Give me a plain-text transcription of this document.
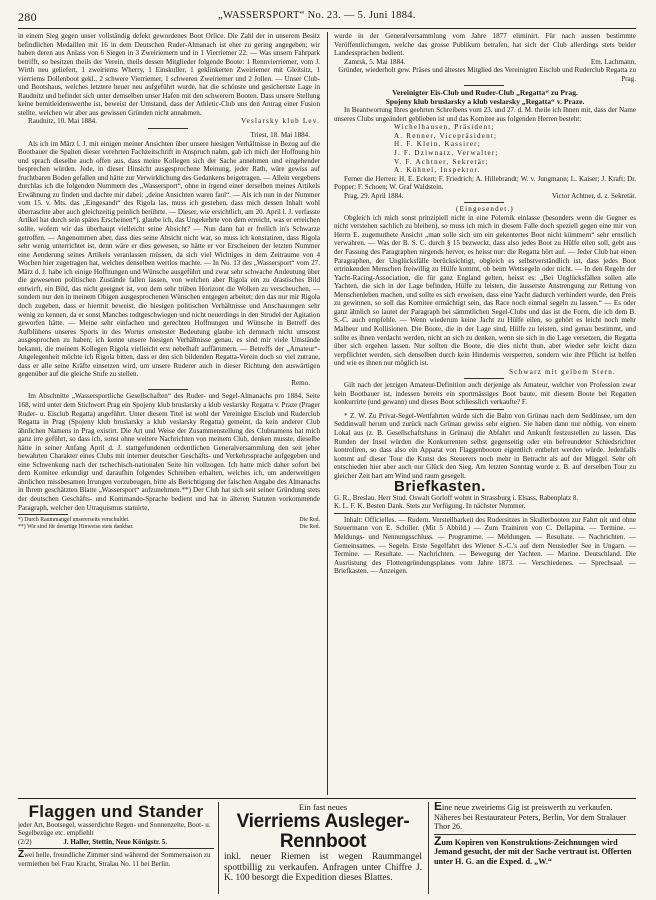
280	„WASSERSPORT“ No. 23. — 5. Juni 1884.

in einem Sieg gegen unser vollständig defekt gewordenes Boot Orlice. Die Zahl der in unserem Besitz befindlichen Medaillen mit 16 in dem Deutschen Ruder-Almanach ist eher zu gering angegeben; wir haben deren aus Anlass von 6 Siegen in 3 Zweiriemern und in 1 Vierriemer 22. — Was unsern Fahrpark betrifft, so besitzen theils der Verein, theils dessen Mitglieder folgende Boote: 1 Rennvierriemer, vom J. Wirth neu geliefert, 1 zweiriems Wherry, 1 Einskuller, 1 geklinkerten Zweiriemer mit Gleitsitz, 1 vierriems Dollenboot gekl., 2 schwere Vierriemer, 1 schweren Zweiriemer und 2 Jollen. — Unser Club- und Bootshaus, welches letztere heuer neu aufgeführt wurde, hat die schönste und gesichertste Lage in Raudnitz und befindet sich unter demselben unser Hafen mit den schwerern Booten. Dass unsere Stellung keine bemitleidenswerthe ist, beweist der Umstand, dass der Athletic-Club uns den Antrag einer Fusion stellte, welchen wir aber aus gewissen Gründen nicht annahmen.

Raudnitz, 10. Mai 1884.	Veslarsky klub Lev.
Triest, 18. Mai 1884.

Als ich im März l. J. mit einigen meiner Ansichten über unsere hiesigen Verhältnisse in Bezug auf die Bootbauer die Spalten dieser verehrten Fachzeitschrift in Anspruch nahm, gab ich mich der Hoffnung hin und sprach dieselbe auch offen aus, dass meine Kollegen sich der Sache annehmen und eingehender besprechen würden. Jede, in dieser Hinsicht ausgesprochene Meinung, jeder Rath, wäre gewiss auf fruchtbaren Boden gefallen und hätte zur Verwirklichung des Gedankens beigetragen. — Allein vergebens durchlas ich die folgenden Nummern des „Wassersport“, ohne in irgend einer derselben meines Artikels Erwähnung zu finden und dachte mir dabei: „deine Ansichten waren faul“. — Als ich nun in der Nummer vom 15. v. Mts. das „Eingesandt“ des Rigola las, muss ich gestehen, dass mich dessen Inhalt wohl überraschte aber auch gleichzeitig peinlich berührte. — Dieser, wie ersichtlich, am 20. April l. J. verfasste Artikel hat durch sein spätes Erscheinen*), glaube ich, das Ungekehrte von dem erreicht, was er erreichen sollte, wofern wir das überhaupt vielleicht seine Absicht? — Nun dann hat er freilich in's Schwarze getroffen. — Angenommen aber, dass dies seine Absicht nicht war, so muss ich konstatiren, dass Rigola sehr wenig unterrichtet ist, denn wäre er dies gewesen, so hätte er vor Erscheinen der letzten Nummer eine Aenderung seines Artikels veranlassen müssen, da sich viel Wichtiges in dem Zeitraume von 4 Wochen hier zugetragen hat, welches denselben wertlos machte. — In No. 13 des „Wassersport“ vom 27. März d. J. habe ich einige Hoffnungen und Wünsche ausgeführt und zwar sehr schwache Andeutung über die gewesenen politischen Zustände fallen lassen, von welchen aber Rigola ein zu drastisches Bild entwirft, ein Bild, das nicht geeignet ist, von dem sehr trüben Horizont die Wolken zu verscheuchen, — sondern nur den in meinem Obigen ausgesprochenen Wünschen entgegen arbeitet; den das nur mir Rigola doch zugeben, dass er hiermit beweist, die hiesigen politischen Verhältnisse und Anschauungen sehr wenig zu kennen, da er sonst Manches todtgeschwiegen und nicht neuerdings in den Strudel der Agitation geworfen hätte. — Meine sehr einfachen und gerechten Hoffnungen und Wünsche in Betreff des Aufblühens unseres Sports in des Wortes ernstester Bedeutung glaube ich demnach nicht umsonst ausgesprochen zu haben; ich kenne unsere hiesigen Verhältnisse genau, es sind mir viele Umstände bekannt, die meinem Kollegen Rigola vielleicht erst nebelhaft auffämmern. — Betreffs der „Amateur“-Angelegenheit möchte ich Rigola bitten, dass er den sich bildenden Regatta-Verein doch so viel zutraue, dass er alle seine Kräfte einsetzen wird, um unsere Ruderer auch in dieser Richtung den auswärtigen gegenüber auf die gleiche Stufe zu stellen.

Remo.

Im Abschnitte „Wassersportliche Gesellschaften“ des Ruder- und Segel-Almanachs pro 1884, Seite 168, wird unter dem Stichwort Prag ein Spojeny klub bruslarsky a klub veslarsky Regatta v. Praze (Prager Ruder- u. Eisclub Regatta) angeführt. Unter diesem Titel ist wohl der Vereinigte Eisclub und Ruderclub Regatta in Prag (Spojeny klub bruslarsky a klub veslarsky Regatta) gemeint, da kein anderer Club ähnlichen Namens in Prag existirt. Die Art und Weise der Zusammenstellung des Clubnamens hat mich ganz irre geführt, so dass ich, sonst ohne weitere Nachrichten von meinem Club, denken musste, dieselbe hätte in seiner Anfang April d. J. stattgefundenen ordentlichen Generalversammlung den seit jeher bewahrten Charakter eines Clubs mit interner deutscher Geschäfts- und Verkehrssprache aufgegeben und eine Schwenkung nach der tschechisch-nationalen Seite hin vollzogen. Ich hatte mich daher sofort bei dem Komitee erkundigt und daraufhin folgendes Schreiben erhalten, welches ich, um anderweitigen ähnlichen missbesamen Irrungen vorzubeugen, bitte als Berichtigung der falschen Angabe des Almanachs in Ihrem geschätzten Blatte „Wassersport“ aufzunehmen.**) Der Club hat sich seit seiner Gründung stets der deutschen Geschäfts- und Kommando-Sprache bedient und hat in älteren Statuten vorkommende Paragraph, welcher den Utraquismus statuirte,

*) Durch Raummangel unsererseits verschuldet.	Die Red.
**) Wir sind für derartige Hinweise stets dankbar.	Die Red.

wurde in der Generalversammlung vom Jahre 1877 eliminirt. Für nach aussen bestimmte Veröffentlichungen, welche das grosse Publikum betrafen, hat sich der Club allerdings stets beider Landessprachen bedient.

Zamrsk, 5. Mai 1884.	Em. Lachmann,
Gründer, wiederholt gew. Präses und ältestes Mitglied des Vereinigten Eisclub und Ruderclub Regatta zu Prag.
Vereinigter Eis-Club und Ruder-Club „Regatta“ zu Prag.
Spojeny klub bruslarsky a klub veslarsky „Regatta“ v. Praze.

In Beantwortung Ihres geehrten Schreibens vom 23. und 27. d. M. theile ich Ihnen mit, dass der Name unseres Clubs ungeändert geblieben ist und das Komitee aus folgenden Herren besteht:

Wichelhausen, Präsident;
A. Renner, Vicepräsident;
H. F. Klein, Kassirer;
J. F. Dziwnatz, Verwalter;
V. F. Achtner, Sekretär;
A. Kühnel, Inspektor.

Ferner die Herren: H. E. Eckert; F. Friedrich; A. Hillebrandt; W. v. Jungmann; L. Kaiser; J. Kraft; Dr. Popper; F. Schoen; W. Graf Waldstein.

Prag, 29. April 1884.	Victor Achtner, d. z. Sekretär.
(Eingesendet.)

Obgleich ich mich sonst prinzipiell nicht in eine Polemik einlasse (besonders wenn die Gegner es nicht verstehen sachlich zu bleiben), so muss ich mich in diesem Falle doch speziell gegen eine mir von Herrn E. zugemuthete Ansicht „man solle sich um ein gekentertes Boot nicht kümmern“ sehr ernstlich verwahren. — Was der B. S. C. durch § 15 bezweckt, dass also jedes Boot zu Hülfe eilen soll, geht aus der Fassung des Paragraphen nirgends hervor, es heisst nur: die Regatta hört auf. — Jeder Club hat einen Paragraphen, der Unglücksfälle berücksichtigt, obgleich es selbstverständlich ist, dass jedes Boot ertrinkenden Menschen freiwillig zu Hülfe kommt, ob beim Wettsegeln oder nicht. — In den Regeln der Yacht-Racing-Association, die für ganz England gelten, heisst es: „Bei Unglücksfällen sollen alle Yachten, die sich in der Lage befinden, Hülfe zu leisten, die äusserste Anstrengung zur Rettung von Menschenleben machen, und sollte es sich erweisen, dass eine Yacht dadurch verhindert wurde, den Preis zu gewinnen, so soll das Komitee ermächtigt sein, das Race noch einmal segeln zu lassen.“ — Es oder ganz ähnlich so lautet der Paragraph bei sämmtlichen Segel-Clubs und das ist die Form, die ich dem B. S.-C. auch empfehle. — Wenn wiederum keine Jacht zu Hülfe eilen, so gehört es leicht noch mehr Malheur und Kollisionen. Die Boote, die in der Lage sind, Hülfe zu leisten, sind genau bestimmt, und sollte es ihnen verdacht werden, nicht an sich zu denken, wenn sie sich in die Lage versetzen, die Regatta über sich ergehen lassen. Nur sollten die Boote, die dies nicht thun, aber wieder sehr leicht dazu verpflichtet werden, sich denselben durch kein Hindernis versperren, sondern wie ihre Pflicht ist helfen und wie es ihnen nur möglich ist.

Schwarz mit gelbem Stern.

Gilt nach der jetzigen Amateur-Definition auch derjenige als Amateur, welcher von Profession zwar kein Bootbauer ist, indessen bereits ein sportmässiges Boot baute, mit diesem Boote bei Regatten konkurrirte (und gewann) und dieses Boot schliesslich verkaufte? F.

* Z. W. Zu Privat-Segel-Wettfahrten würde sich die Bahn von Grünau nach dem Seddinsee, um den Seddinwall herum und zurück nach Grünau gewiss sehr eignen. Sie haben dann nur nöthig, von einem Lokal aus (z. B. Gesellschaftshaus in Grünau) die Abfahrt und Ankunft festzustellen zu lassen. Das Runden der Insel würden die Konkurrenten selbst gegenseitig oder ein befreundeter Schiedsrichter kontroliren, so dass also ein Apparat von Flaggenbooten eigentlich entbehrt werden würde. Jedenfalls kommt auf dieser Tour die Kunst des Steuerers noch mehr in Betracht als auf der Müggel. Sehr oft entschieden hier aber auch nur Glück den Sieg. Am letzten Sonntag wurde z. B. auf derselben Tour zu gleicher Zeit hart am Wind und raum gesegelt.

Briefkasten.

G. R., Breslau. Herr Stud. Oswalt Gorloff wohnt in Strassburg i. Elsass, Rabenplatz 8.

K. L. F. K. Besten Dank. Stets zur Verfügung. In nächster Nummer.

Inhalt: Officielles. — Rudern. Verstellbarkeit des Rudersitzes in Skullerbooten zur Fahrt nit und ohne Steuermann von E. Schiller. (Mit 5 Abbild.) — Zum Trainiren von C. Dellapina. — Termine. — Meldungs- und Nennungsschluss. — Programme. — Meldungen. — Resultate. — Nachrichten. — Gemeinsames. — Segeln. Erste Segelfahrt des Wiener S.-C.'s auf dem Neusiedler See in Ungarn. — Termine. — Resultate. — Nachrichten. — Bewegung der Yachten. — Marine. Deutschland. Die Ausrüstung des Flottengründungsplanes vom Jahre 1873. — Verschiedenes. — Sprechsaal. — Briefkasten. — Anzeigen.

Flaggen und Stander
jeder Art, Bootsegel, wasserdichte Regen- und Sonnenzelte, Boot- u. Segelbezüge etc. empfiehlt
(2/2)	J. Haller, Stettin, Neue Königstr. 5.
Zwei helle, freundliche Zimmer sind während der Sommersaison zu vermiethen bei Frau Kracht, Stralau No. 11 bei Berlin.
Ein fast neues
Vierriems Ausleger-Rennboot
inkl. neuer Riemen ist wegen Raummangel spottbillig zu verkaufen. Anfragen unter Chiffre J. K. 100 besorgt die Expedition dieses Blattes.
Eine neue zweiriems Gig ist preiswerth zu verkaufen. Näheres bei Restaurateur Peters, Berlin, Vor dem Stralauer Thor 26.
Zum Kopiren von Konstruktions-Zeichnungen wird Jemand gesucht, der mit der Sache vertraut ist. Offerten unter H. G. an die Exped. d. „W.“
